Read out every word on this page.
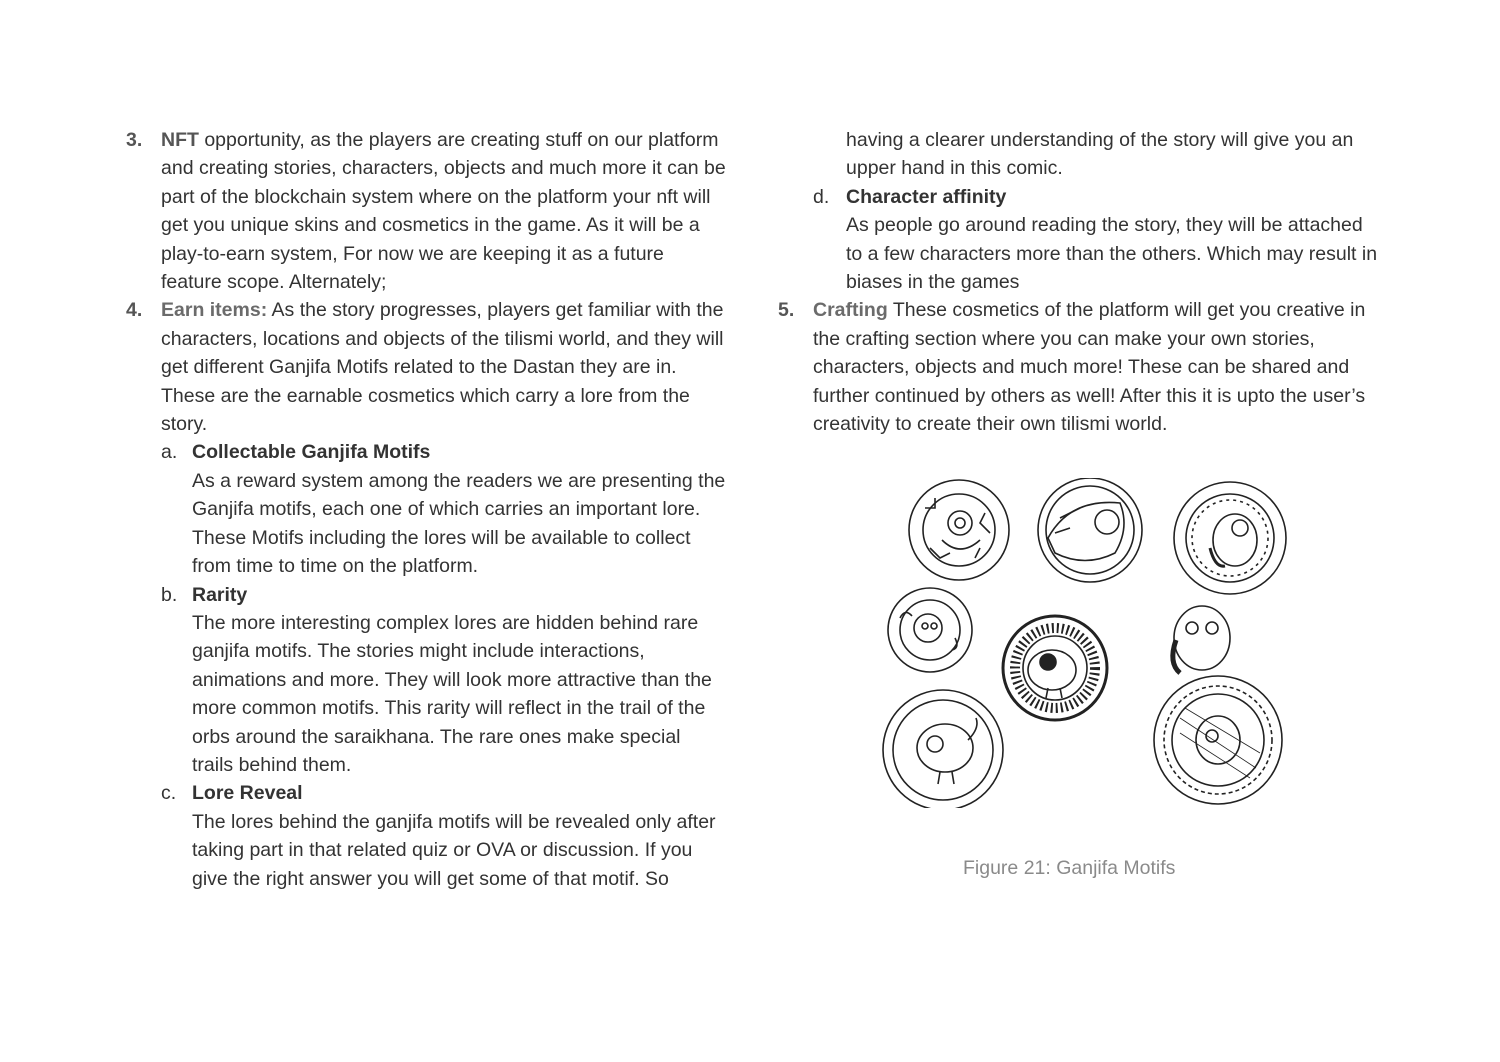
3. NFT opportunity, as the players are creating stuff on our platform and creating stories, characters, objects and much more it can be part of the blockchain system where on the platform your nft will get you unique skins and cosmetics in the game. As it will be a play-to-earn system, For now we are keeping it as a future feature scope. Alternately;
4. Earn items: As the story progresses, players get familiar with the characters, locations and objects of the tilismi world, and they will get different Ganjifa Motifs related to the Dastan they are in. These are the earnable cosmetics which carry a lore from the story.
a. Collectable Ganjifa Motifs
As a reward system among the readers we are presenting the Ganjifa motifs, each one of which carries an important lore. These Motifs including the lores will be available to collect from time to time on the platform.
b. Rarity
The more interesting complex lores are hidden behind rare ganjifa motifs. The stories might include interactions, animations and more. They will look more attractive than the more common motifs. This rarity will reflect in the trail of the orbs around the saraikhana. The rare ones make special trails behind them.
c. Lore Reveal
The lores behind the ganjifa motifs will be revealed only after taking part in that related quiz or OVA or discussion. If you give the right answer you will get some of that motif. So
having a clearer understanding of the story will give you an upper hand in this comic.
d. Character affinity
As people go around reading the story, they will be attached to a few characters more than the others. Which may result in biases in the games
5. Crafting These cosmetics of the platform will get you creative in the crafting section where you can make your own stories, characters, objects and much more! These can be shared and further continued by others as well! After this it is upto the user’s creativity to create their own tilismi world.
Figure 21: Ganjifa Motifs
